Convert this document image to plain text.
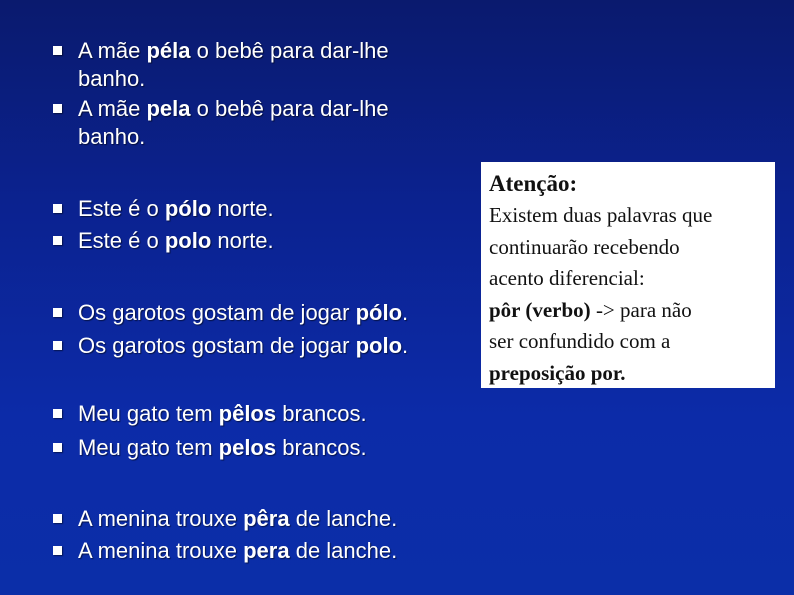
A mãe péla o bebê para dar-lhe banho.
A mãe pela o bebê para dar-lhe banho.
Este é o pólo norte.
Este é o polo norte.
Os garotos gostam de jogar pólo.
Os garotos gostam de jogar polo.
Meu gato tem pêlos brancos.
Meu gato tem pelos brancos.
A menina trouxe pêra de lanche.
A menina trouxe pera de lanche.
Atenção:
Existem duas palavras que
continuarão recebendo
acento diferencial:
pôr (verbo) -> para não
ser confundido com a
preposição por.
